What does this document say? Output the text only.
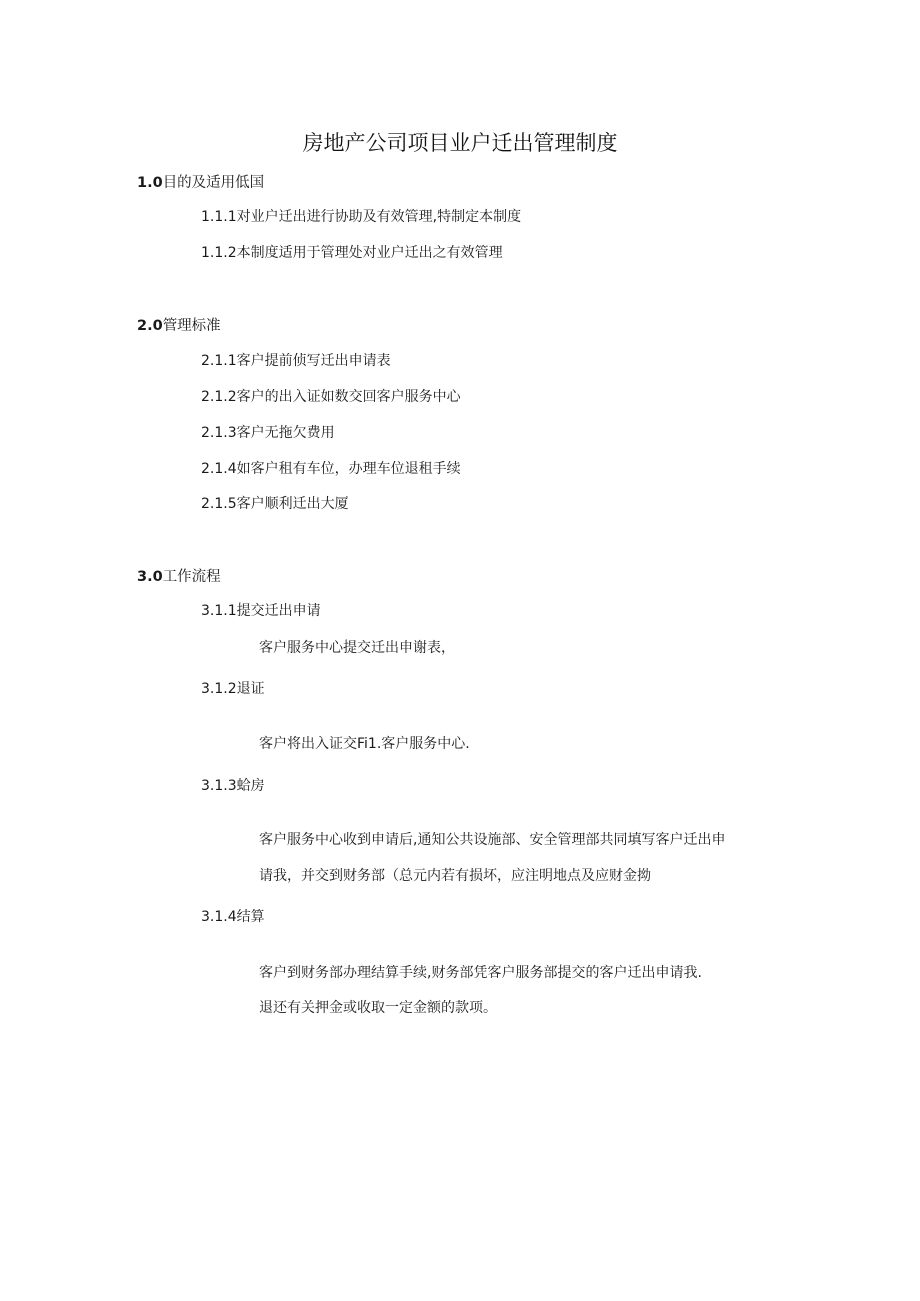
房地产公司项目业户迁出管理制度
1.0目的及适用低国
1.1.1对业户迁出进行协助及有效管理,特制定本制度
1.1.2本制度适用于管理处对业户迁出之有效管理
2.0管理标准
2.1.1客户提前侦写迁出申请表
2.1.2客户的出入证如数交回客户服务中心
2.1.3客户无拖欠费用
2.1.4如客户租有车位，办理车位退租手续
2.1.5客户顺利迁出大厦
3.0工作流程
3.1.1提交迁出申请
客户服务中心提交迁出申谢表，
3.1.2退证
客户将出入证交Fi1.客户服务中心.
3.1.3蛤房
客户服务中心收到申请后,通知公共设施部、安全管理部共同填写客户迁出申
请我，并交到财务部（总元内若有损坏，应注明地点及应财金拗
3.1.4结算
客户到财务部办理结算手续,财务部凭客户服务部提交的客户迁出申请我.
退还有关押金或收取一定金额的款项。
